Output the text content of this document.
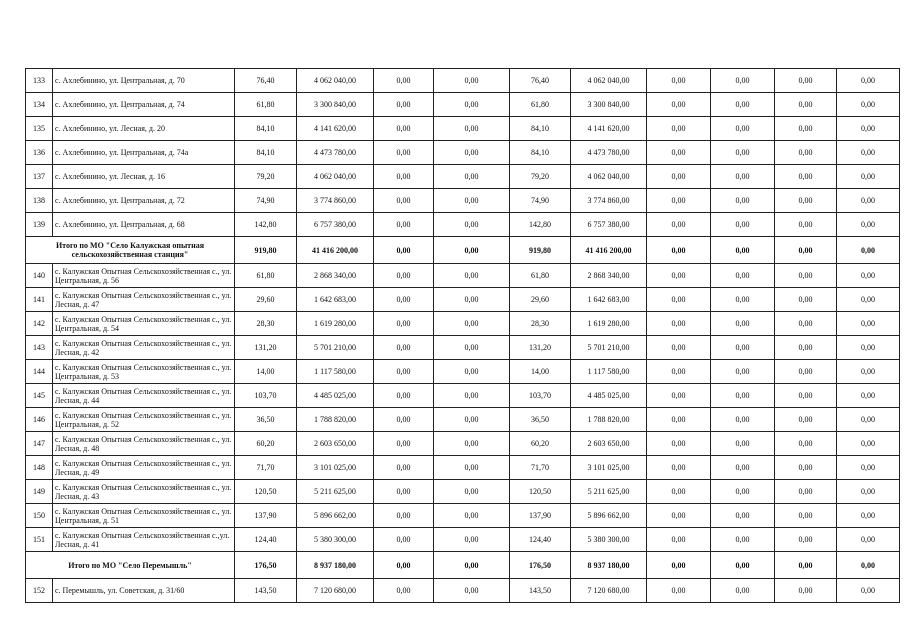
133	с. Ахлебинино, ул. Центральная, д. 70	76,40	4 062 040,00	0,00	0,00	76,40	4 062 040,00	0,00	0,00	0,00	0,00
134	с. Ахлебинино, ул. Центральная, д. 74	61,80	3 300 840,00	0,00	0,00	61,80	3 300 840,00	0,00	0,00	0,00	0,00
135	с. Ахлебинино, ул. Лесная, д. 20	84,10	4 141 620,00	0,00	0,00	84,10	4 141 620,00	0,00	0,00	0,00	0,00
136	с. Ахлебинино, ул. Центральная, д. 74а	84,10	4 473 780,00	0,00	0,00	84,10	4 473 780,00	0,00	0,00	0,00	0,00
137	с. Ахлебинино, ул. Лесная, д. 16	79,20	4 062 040,00	0,00	0,00	79,20	4 062 040,00	0,00	0,00	0,00	0,00
138	с. Ахлебинино, ул. Центральная, д. 72	74,90	3 774 860,00	0,00	0,00	74,90	3 774 860,00	0,00	0,00	0,00	0,00
139	с. Ахлебинино, ул. Центральная, д. 68	142,80	6 757 380,00	0,00	0,00	142,80	6 757 380,00	0,00	0,00	0,00	0,00
Итого по МО "Село Калужская опытная сельскохозяйственная станция"		919,80	41 416 200,00	0,00	0,00	919,80	41 416 200,00	0,00	0,00	0,00	0,00
140	с. Калужская Опытная Сельскохозяйственная с., ул. Центральная, д. 56	61,80	2 868 340,00	0,00	0,00	61,80	2 868 340,00	0,00	0,00	0,00	0,00
141	с. Калужская Опытная Сельскохозяйственная с., ул. Лесная, д. 47	29,60	1 642 683,00	0,00	0,00	29,60	1 642 683,00	0,00	0,00	0,00	0,00
142	с. Калужская Опытная Сельскохозяйственная с., ул. Центральная, д. 54	28,30	1 619 280,00	0,00	0,00	28,30	1 619 280,00	0,00	0,00	0,00	0,00
143	с. Калужская Опытная Сельскохозяйственная с., ул. Лесная, д. 42	131,20	5 701 210,00	0,00	0,00	131,20	5 701 210,00	0,00	0,00	0,00	0,00
144	с. Калужская Опытная Сельскохозяйственная с., ул. Центральная, д. 53	14,00	1 117 580,00	0,00	0,00	14,00	1 117 580,00	0,00	0,00	0,00	0,00
145	с. Калужская Опытная Сельскохозяйственная с., ул. Лесная, д. 44	103,70	4 485 025,00	0,00	0,00	103,70	4 485 025,00	0,00	0,00	0,00	0,00
146	с. Калужская Опытная Сельскохозяйственная с., ул. Центральная, д. 52	36,50	1 788 820,00	0,00	0,00	36,50	1 788 820,00	0,00	0,00	0,00	0,00
147	с. Калужская Опытная Сельскохозяйственная с., ул. Лесная, д. 48	60,20	2 603 650,00	0,00	0,00	60,20	2 603 650,00	0,00	0,00	0,00	0,00
148	с. Калужская Опытная Сельскохозяйственная с., ул. Лесная, д. 49	71,70	3 101 025,00	0,00	0,00	71,70	3 101 025,00	0,00	0,00	0,00	0,00
149	с. Калужская Опытная Сельскохозяйственная с., ул. Лесная, д. 43	120,50	5 211 625,00	0,00	0,00	120,50	5 211 625,00	0,00	0,00	0,00	0,00
150	с. Калужская Опытная Сельскохозяйственная с., ул. Центральная, д. 51	137,90	5 896 662,00	0,00	0,00	137,90	5 896 662,00	0,00	0,00	0,00	0,00
151	с. Калужская Опытная Сельскохозяйственная с.,ул. Лесная, д. 41	124,40	5 380 300,00	0,00	0,00	124,40	5 380 300,00	0,00	0,00	0,00	0,00
Итого по МО "Село Перемышль"		176,50	8 937 180,00	0,00	0,00	176,50	8 937 180,00	0,00	0,00	0,00	0,00
152	с. Перемышль, ул. Советская, д. 31/60	143,50	7 120 680,00	0,00	0,00	143,50	7 120 680,00	0,00	0,00	0,00	0,00
